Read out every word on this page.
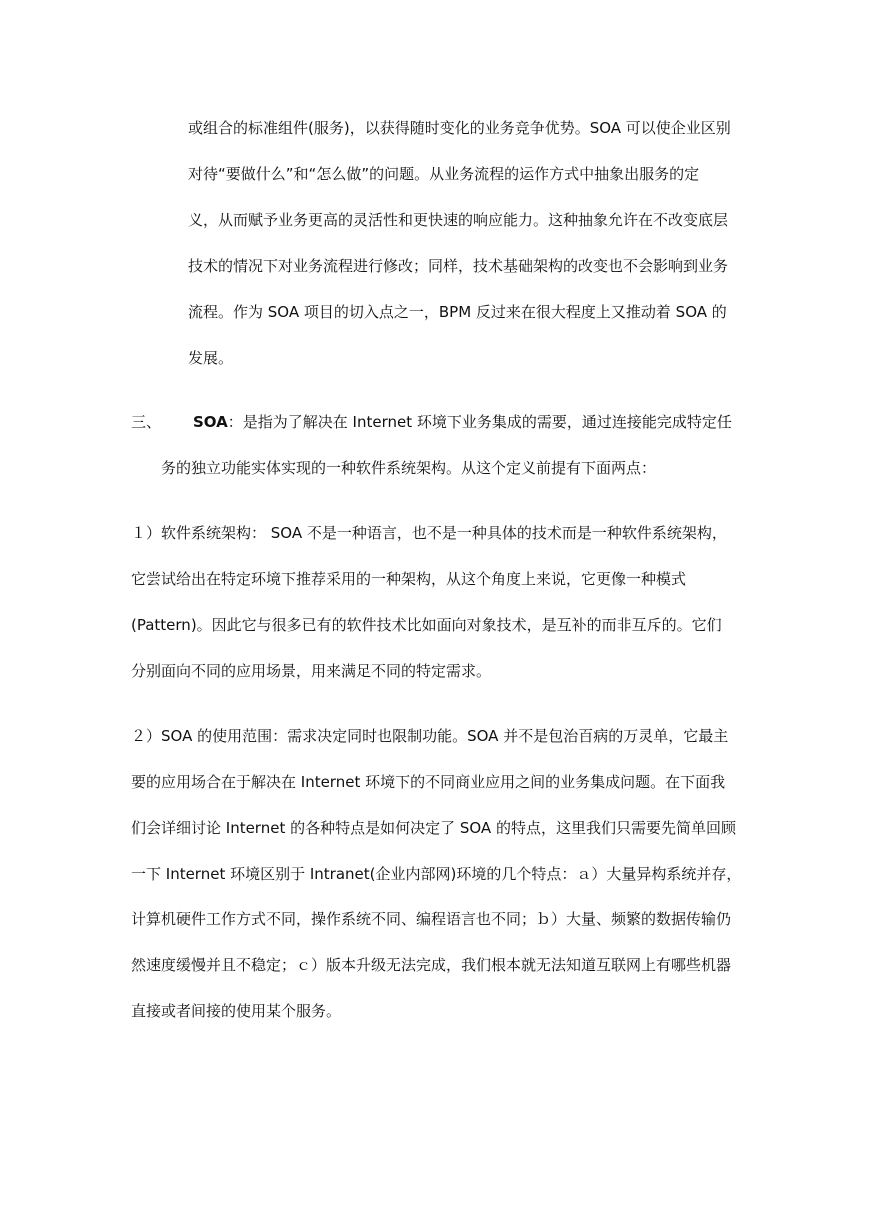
或组合的标准组件(服务)，以获得随时变化的业务竞争优势。SOA 可以使企业区别
对待“要做什么”和“怎么做”的问题。从业务流程的运作方式中抽象出服务的定
义，从而赋予业务更高的灵活性和更快速的响应能力。这种抽象允许在不改变底层
技术的情况下对业务流程进行修改；同样，技术基础架构的改变也不会影响到业务
流程。作为 SOA 项目的切入点之一，BPM 反过来在很大程度上又推动着 SOA 的
发展。
三、 SOA：是指为了解决在 Internet 环境下业务集成的需要，通过连接能完成特定任
务的独立功能实体实现的一种软件系统架构。从这个定义前提有下面两点：
１）软件系统架构： SOA 不是一种语言，也不是一种具体的技术而是一种软件系统架构，
它尝试给出在特定环境下推荐采用的一种架构，从这个角度上来说，它更像一种模式
(Pattern)。因此它与很多已有的软件技术比如面向对象技术，是互补的而非互斥的。它们
分别面向不同的应用场景，用来满足不同的特定需求。
２）SOA 的使用范围：需求决定同时也限制功能。SOA 并不是包治百病的万灵单，它最主
要的应用场合在于解决在 Internet 环境下的不同商业应用之间的业务集成问题。在下面我
们会详细讨论 Internet 的各种特点是如何决定了 SOA 的特点，这里我们只需要先简单回顾
一下 Internet 环境区别于 Intranet(企业内部网)环境的几个特点：ａ）大量异构系统并存，
计算机硬件工作方式不同，操作系统不同、编程语言也不同；ｂ）大量、频繁的数据传输仍
然速度缓慢并且不稳定；ｃ）版本升级无法完成，我们根本就无法知道互联网上有哪些机器
直接或者间接的使用某个服务。
